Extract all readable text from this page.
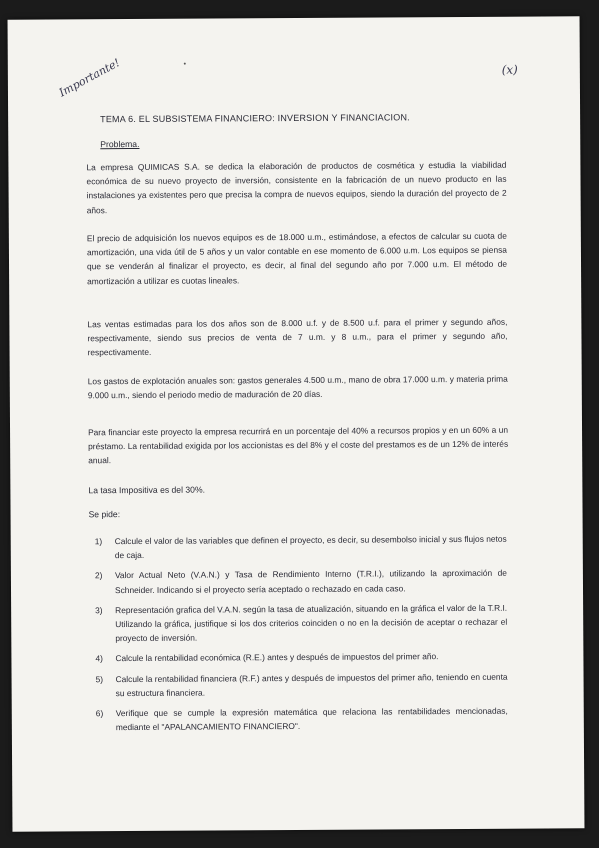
Importante!	(x)
TEMA 6. EL SUBSISTEMA FINANCIERO: INVERSION Y FINANCIACION.
Problema.
La empresa QUIMICAS S.A. se dedica la elaboración de productos de cosmética y estudia la viabilidad económica de su nuevo proyecto de inversión, consistente en la fabricación de un nuevo producto en las instalaciones ya existentes pero que precisa la compra de nuevos equipos, siendo la duración del proyecto de 2 años.
El precio de adquisición los nuevos equipos es de 18.000 u.m., estimándose, a efectos de calcular su cuota de amortización, una vida útil de 5 años y un valor contable en ese momento de 6.000 u.m. Los equipos se piensa que se venderán al finalizar el proyecto, es decir, al final del segundo año por 7.000 u.m. El método de amortización a utilizar es cuotas lineales.
Las ventas estimadas para los dos años son de 8.000 u.f. y de 8.500 u.f. para el primer y segundo años, respectivamente, siendo sus precios de venta de 7 u.m. y 8 u.m., para el primer y segundo año, respectivamente.
Los gastos de explotación anuales son: gastos generales 4.500 u.m., mano de obra 17.000 u.m. y materia prima 9.000 u.m., siendo el periodo medio de maduración de 20 días.
Para financiar este proyecto la empresa recurrirá en un porcentaje del 40% a recursos propios y en un 60% a un préstamo. La rentabilidad exigida por los accionistas es del 8% y el coste del prestamos es de un 12% de interés anual.
La tasa Impositiva es del 30%.
Se pide:
1)	Calcule el valor de las variables que definen el proyecto, es decir, su desembolso inicial y sus flujos netos de caja.
2)	Valor Actual Neto (V.A.N.) y Tasa de Rendimiento Interno (T.R.I.), utilizando la aproximación de Schneider. Indicando si el proyecto sería aceptado o rechazado en cada caso.
3)	Representación grafica del V.A.N. según la tasa de atualización, situando en la gráfica el valor de la T.R.I. Utilizando la gráfica, justifique si los dos criterios coinciden o no en la decisión de aceptar o rechazar el proyecto de inversión.
4)	Calcule la rentabilidad económica (R.E.) antes y después de impuestos del primer año.
5)	Calcule la rentabilidad financiera (R.F.) antes y después de impuestos del primer año, teniendo en cuenta su estructura financiera.
6)	Verifique que se cumple la expresión matemática que relaciona las rentabilidades mencionadas, mediante el "APALANCAMIENTO FINANCIERO".
